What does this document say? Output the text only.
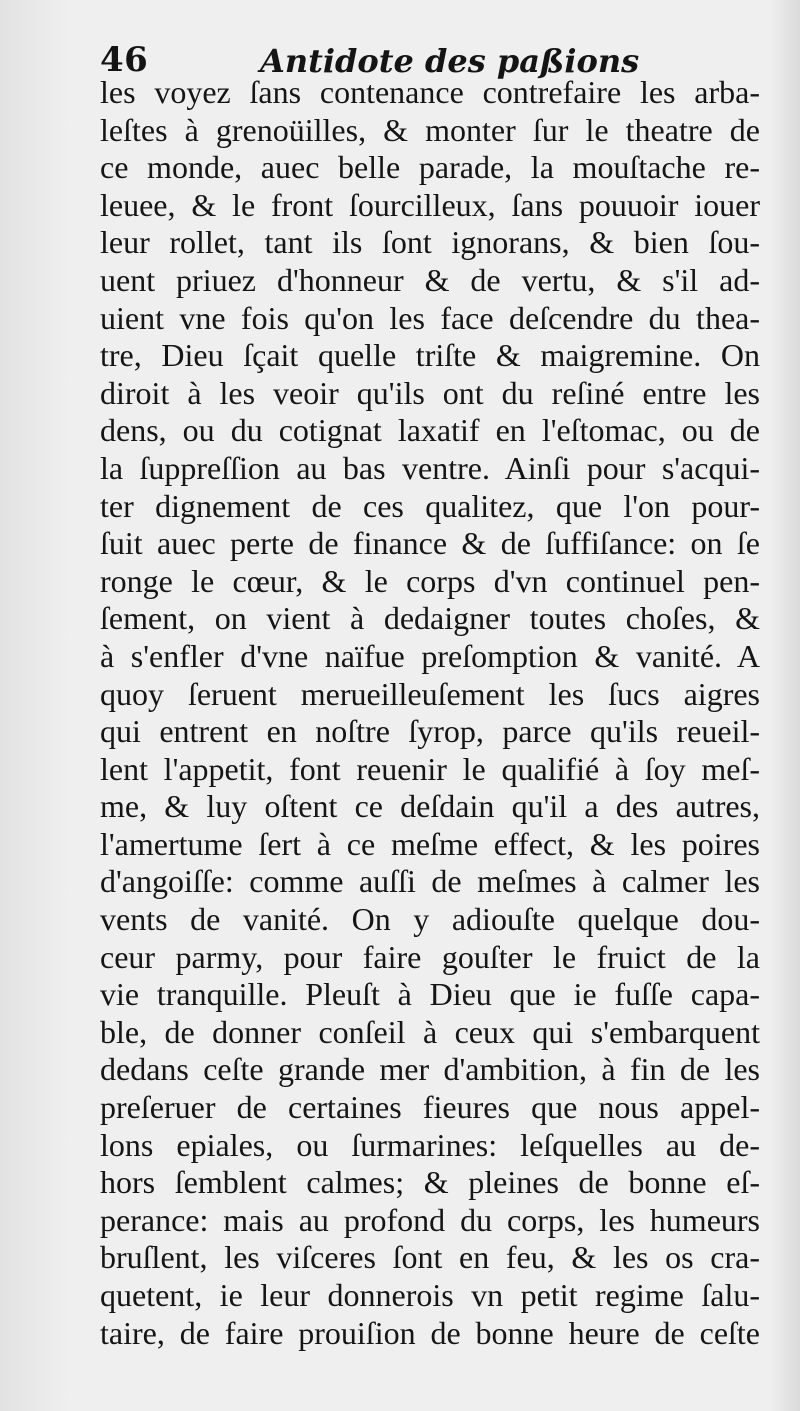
46	Antidote des paßions
les voyez ſans contenance contrefaire les arba-
leſtes à grenoüilles, & monter ſur le theatre de
ce monde, auec belle parade, la mouſtache re-
leuee, & le front ſourcilleux, ſans pouuoir iouer
leur rollet, tant ils ſont ignorans, & bien ſou-
uent priuez d'honneur & de vertu, & s'il ad-
uient vne fois qu'on les face deſcendre du thea-
tre, Dieu ſçait quelle triſte & maigremine. On
diroit à les veoir qu'ils ont du reſiné entre les
dens, ou du cotignat laxatif en l'eſtomac, ou de
la ſuppreſſion au bas ventre. Ainſi pour s'acqui-
ter dignement de ces qualitez, que l'on pour-
ſuit auec perte de finance & de ſuffiſance: on ſe
ronge le cœur, & le corps d'vn continuel pen-
ſement, on vient à dedaigner toutes choſes, &
à s'enfler d'vne naïfue preſomption & vanité. A
quoy ſeruent merueilleuſement les ſucs aigres
qui entrent en noſtre ſyrop, parce qu'ils reueil-
lent l'appetit, font reuenir le qualifié à ſoy meſ-
me, & luy oſtent ce deſdain qu'il a des autres,
l'amertume ſert à ce meſme effect, & les poires
d'angoiſſe: comme auſſi de meſmes à calmer les
vents de vanité. On y adiouſte quelque dou-
ceur parmy, pour faire gouſter le fruict de la
vie tranquille. Pleuſt à Dieu que ie fuſſe capa-
ble, de donner conſeil à ceux qui s'embarquent
dedans ceſte grande mer d'ambition, à fin de les
preſeruer de certaines fieures que nous appel-
lons epiales, ou ſurmarines: leſquelles au de-
hors ſemblent calmes; & pleines de bonne eſ-
perance: mais au profond du corps, les humeurs
bruſlent, les viſceres ſont en feu, & les os cra-
quetent, ie leur donnerois vn petit regime ſalu-
taire, de faire prouiſion de bonne heure de ceſte
